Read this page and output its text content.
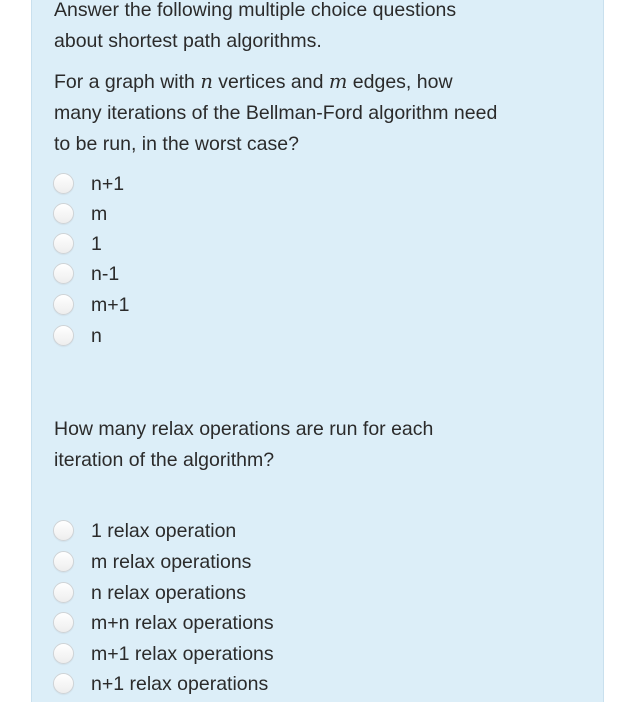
Answer the following multiple choice questions
about shortest path algorithms.
For a graph with n vertices and m edges, how
many iterations of the Bellman-Ford algorithm need
to be run, in the worst case?
n+1
m
1
n-1
m+1
n
How many relax operations are run for each
iteration of the algorithm?
1 relax operation
m relax operations
n relax operations
m+n relax operations
m+1 relax operations
n+1 relax operations
